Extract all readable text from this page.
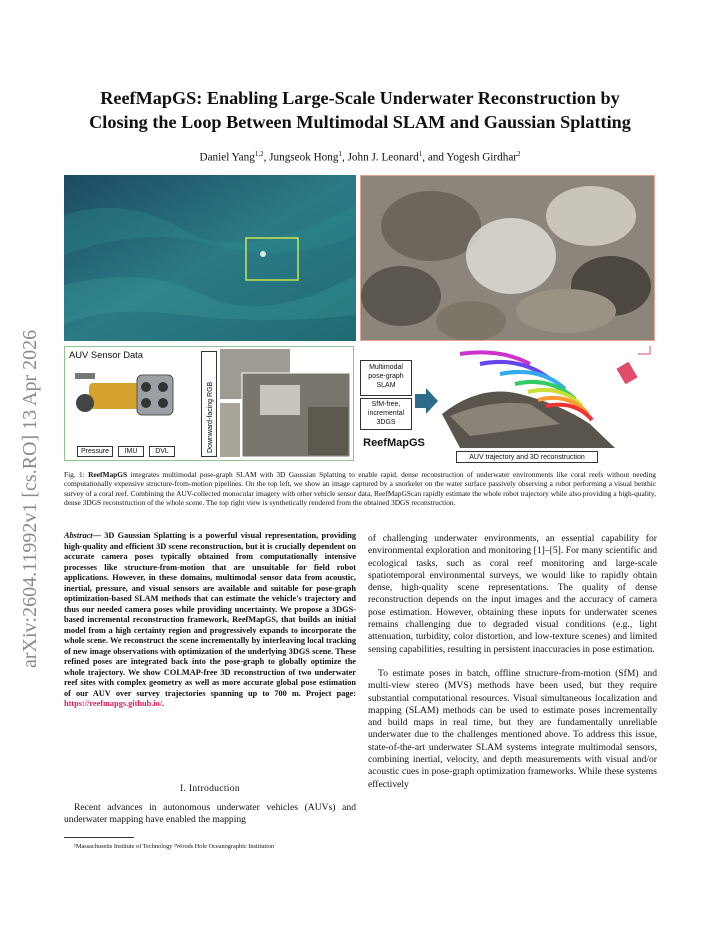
arXiv:2604.11992v1 [cs.RO] 13 Apr 2026
ReefMapGS: Enabling Large-Scale Underwater Reconstruction by
Closing the Loop Between Multimodal SLAM and Gaussian Splatting
Daniel Yang$^{1,2}$, Jungseok Hong$^1$, John J. Leonard$^1$, and Yogesh Girdhar$^2$
AUV Sensor Data
Pressure	IMU	DVL	Downward-facing RGB
Multimodal pose-graph SLAM
SfM-free, incremental 3DGS
ReefMapGS
AUV trajectory and 3D reconstruction
Fig. 1: ReefMapGS integrates multimodal pose-graph SLAM with 3D Gaussian Splatting to enable rapid, dense reconstruction of underwater environments like coral reefs without needing computationally expensive structure-from-motion pipelines. On the top left, we show an image captured by a snorkeler on the water surface passively observing a robot performing a visual benthic survey of a coral reef. Combining the AUV-collected monocular imagery with other vehicle sensor data, ReefMapGScan rapidly estimate the whole robot trajectory while also providing a high-quality, dense 3DGS reconstruction of the whole scene. The top right view is synthetically rendered from the obtained 3DGS reconstruction.
Abstract— 3D Gaussian Splatting is a powerful visual representation, providing high-quality and efficient 3D scene reconstruction, but it is crucially dependent on accurate camera poses typically obtained from computationally intensive processes like structure-from-motion that are unsuitable for field robot applications. However, in these domains, multimodal sensor data from acoustic, inertial, pressure, and visual sensors are available and suitable for pose-graph optimization-based SLAM methods that can estimate the vehicle's trajectory and thus our needed camera poses while providing uncertainty. We propose a 3DGS-based incremental reconstruction framework, ReefMapGS, that builds an initial model from a high certainty region and progressively expands to incorporate the whole scene. We reconstruct the scene incrementally by interleaving local tracking of new image observations with optimization of the underlying 3DGS scene. These refined poses are integrated back into the pose-graph to globally optimize the whole trajectory. We show COLMAP-free 3D reconstruction of two underwater reef sites with complex geometry as well as more accurate global pose estimation of our AUV over survey trajectories spanning up to 700 m. Project page: https://reefmapgs.github.io/.
I. Introduction
Recent advances in autonomous underwater vehicles (AUVs) and underwater mapping have enabled the mapping
¹Massachusetts Institute of Technology ²Woods Hole Oceanographic Institution

of challenging underwater environments, an essential capability for environmental exploration and monitoring [1]–[5]. For many scientific and ecological tasks, such as coral reef monitoring and large-scale spatiotemporal environmental surveys, we would like to rapidly obtain dense, high-quality scene representations. The quality of dense reconstruction depends on the input images and the accuracy of camera pose estimation. However, obtaining these inputs for underwater scenes remains challenging due to degraded visual conditions (e.g., light attenuation, turbidity, color distortion, and low-texture scenes) and limited sensing capabilities, resulting in persistent inaccuracies in pose estimation.

To estimate poses in batch, offline structure-from-motion (SfM) and multi-view stereo (MVS) methods have been used, but they require substantial computational resources. Visual simultaneous localization and mapping (SLAM) methods can be used to estimate poses incrementally and build maps in real time, but they are fundamentally unreliable underwater due to the challenges mentioned above. To address this issue, state-of-the-art underwater SLAM systems integrate multimodal sensors, combining inertial, velocity, and depth measurements with visual and/or acoustic cues in pose-graph optimization frameworks. While these systems effectively
